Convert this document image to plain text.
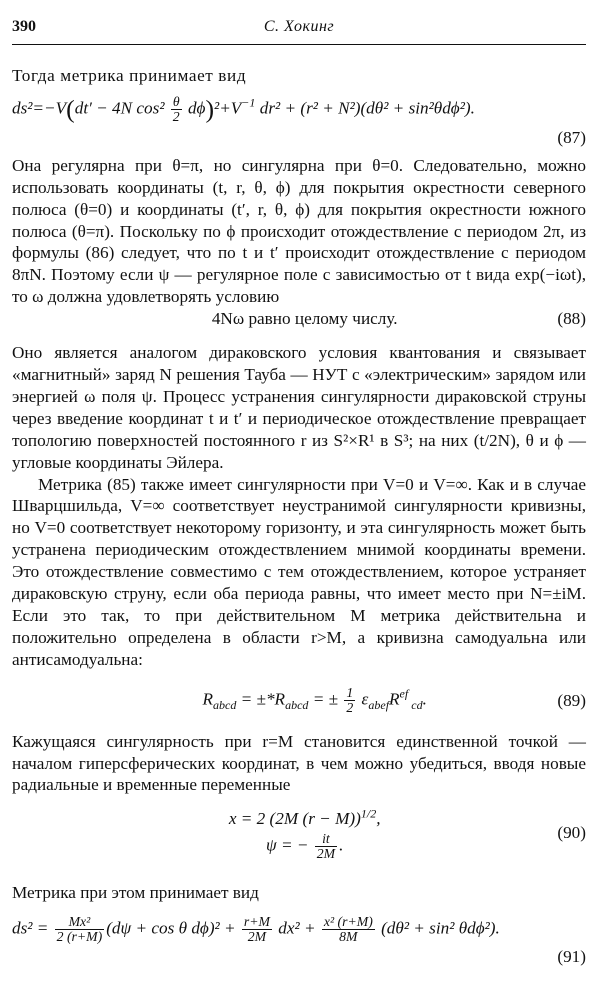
390	С. Хокинг

Тогда метрика принимает вид

ds²=−V(dt′ − 4N $\cos^2 \frac{\theta}{2} d\phi)^2+V^{-1}$ dr² + (r² + N²)(dθ² + sin²θdϕ²).
(87)

Она регулярна при θ=π, но сингулярна при θ=0. Следовательно, можно использовать координаты (t, r, θ, ϕ) для покрытия окрестности северного полюса (θ=0) и координаты (t′, r, θ, ϕ) для покрытия окрестности южного полюса (θ=π). Поскольку по ϕ происходит отождествление с периодом 2π, из формулы (86) следует, что по t и t′ происходит отождествление с периодом 8πN. Поэтому если ψ — регулярное поле с зависимостью от t вида exp(−iωt), то ω должна удовлетворять условию

4Nω равно целому числу.	(88)

Оно является аналогом дираковского условия квантования и связывает «магнитный» заряд N решения Тауба — НУТ с «электрическим» зарядом или энергией ω поля ψ. Процесс устранения сингулярности дираковской струны через введение координат t и t′ и периодическое отождествление превращает топологию поверхностей постоянного r из S²×R¹ в S³; на них (t/2N), θ и ϕ — угловые координаты Эйлера.

Метрика (85) также имеет сингулярности при V=0 и V=∞. Как и в случае Шварцшильда, V=∞ соответствует неустранимой сингулярности кривизны, но V=0 соответствует некоторому горизонту, и эта сингулярность может быть устранена периодическим отождествлением мнимой координаты времени. Это отождествление совместимо с тем отождествлением, которое устраняет дираковскую струну, если оба периода равны, что имеет место при N=±iM. Если это так, то при действительном M метрика действительна и положительно определена в области r>M, а кривизна самодуальна или антисамодуальна:

$R_{abcd} = \pm*R_{abcd}$ = ± $\frac{1}{2} \varepsilon_{abef}R^{ef}$ $_{cd}$.	(89)

Кажущаяся сингулярность при r=M становится единственной точкой — началом гиперсферических координат, в чем можно убедиться, вводя новые радиальные и временные переменные

x = 2 (2M (r − M))$^{1/2}$,
ψ = − $\frac{it}{2M}$ .
(90)

Метрика при этом принимает вид

$ds^2 = \frac{\text{Mx²}}{2 (r+M)} (d\psi + \cos \theta$ $d\phi)^2 + \frac{r+M}{2M} dx^2 + \frac{\text{x² (r+M)}}{8M} (d\theta^2 + \sin^2$ θdϕ²).
(91)
